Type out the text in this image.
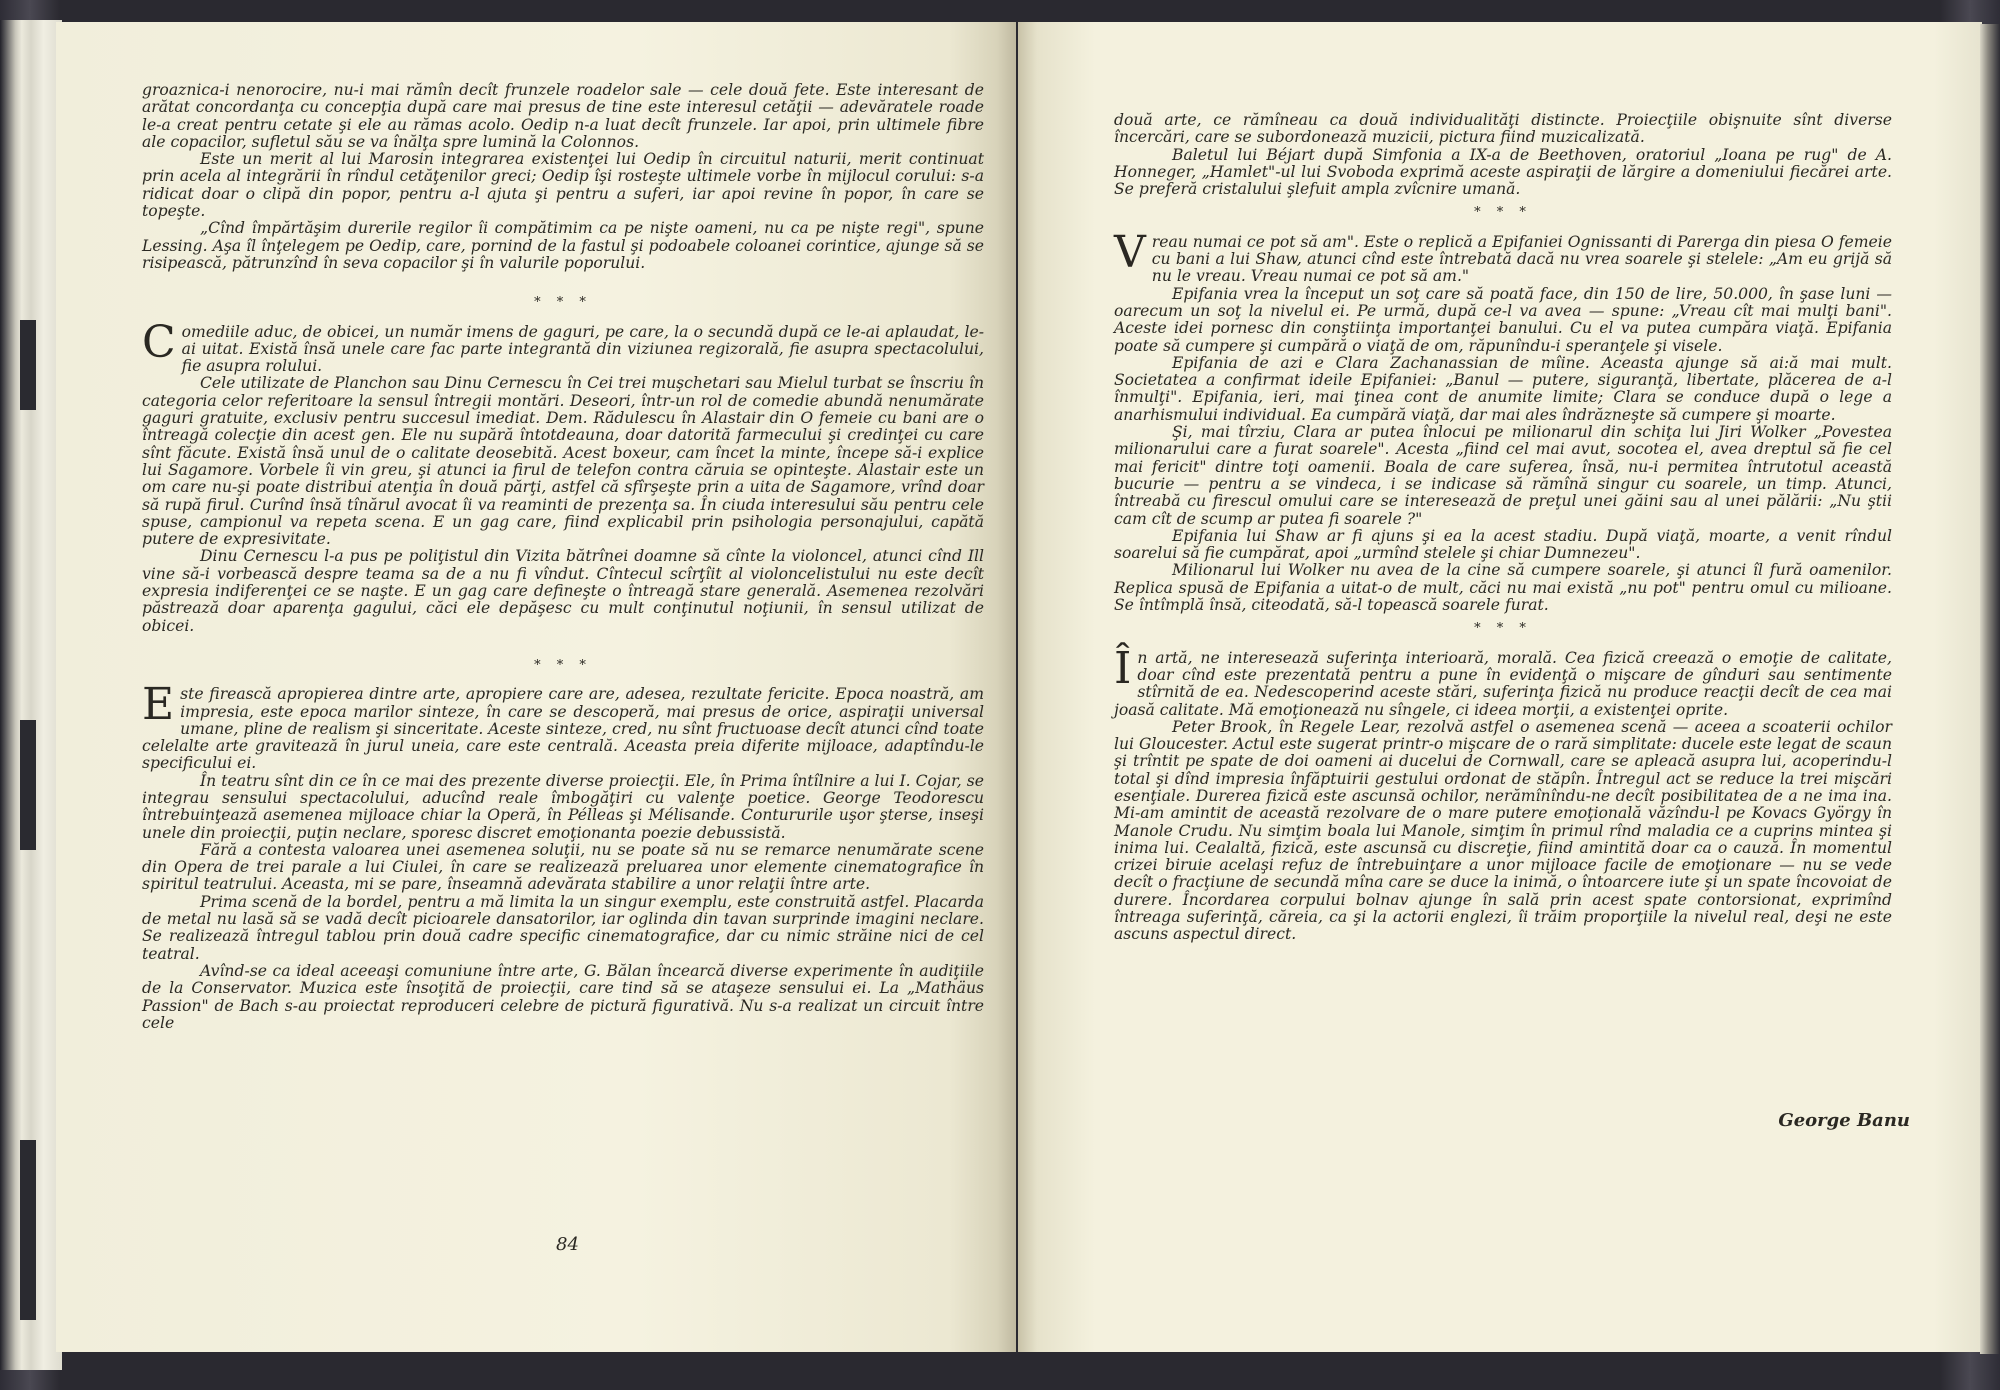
groaznica-i nenorocire, nu-i mai rămîn decît frunzele roadelor sale — cele două fete. Este interesant de arătat concordanţa cu concepţia după care mai presus de tine este interesul cetăţii — adevăratele roade le-a creat pentru cetate şi ele au rămas acolo. Oedip n-a luat decît frunzele. Iar apoi, prin ultimele fibre ale copacilor, sufletul său se va înălţa spre lumină la Colonnos.

Este un merit al lui Marosin integrarea existenţei lui Oedip în circuitul naturii, merit continuat prin acela al integrării în rîndul cetăţenilor greci; Oedip îşi rosteşte ultimele vorbe în mijlocul corului: s-a ridicat doar o clipă din popor, pentru a-l ajuta şi pentru a suferi, iar apoi revine în popor, în care se topeşte.

„Cînd împărtăşim durerile regilor îi compătimim ca pe nişte oameni, nu ca pe nişte regi", spune Lessing. Aşa îl înţelegem pe Oedip, care, pornind de la fastul şi podoabele coloanei corintice, ajunge să se risipească, pătrunzînd în seva copacilor şi în valurile poporului.

* * *

Comediile aduc, de obicei, un număr imens de gaguri, pe care, la o secundă după ce le-ai aplaudat, le-ai uitat. Există însă unele care fac parte integrantă din viziunea regizorală, fie asupra spectacolului, fie asupra rolului.

Cele utilizate de Planchon sau Dinu Cernescu în Cei trei muşchetari sau Mielul turbat se înscriu în categoria celor referitoare la sensul întregii montări. Deseori, într-un rol de comedie abundă nenumărate gaguri gratuite, exclusiv pentru succesul imediat. Dem. Rădulescu în Alastair din O femeie cu bani are o întreagă colecţie din acest gen. Ele nu supără întotdeauna, doar datorită farmecului şi credinţei cu care sînt făcute. Există însă unul de o calitate deosebită. Acest boxeur, cam încet la minte, începe să-i explice lui Sagamore. Vorbele îi vin greu, şi atunci ia firul de telefon contra căruia se opinteşte. Alastair este un om care nu-şi poate distribui atenţia în două părţi, astfel că sfîrşeşte prin a uita de Sagamore, vrînd doar să rupă firul. Curînd însă tînărul avocat îi va reaminti de prezenţa sa. În ciuda interesului său pentru cele spuse, campionul va repeta scena. E un gag care, fiind explicabil prin psihologia personajului, capătă putere de expresivitate.

Dinu Cernescu l-a pus pe poliţistul din Vizita bătrînei doamne să cînte la violoncel, atunci cînd Ill vine să-i vorbească despre teama sa de a nu fi vîndut. Cîntecul scîrţîit al violoncelistului nu este decît expresia indiferenţei ce se naşte. E un gag care defineşte o întreagă stare generală. Asemenea rezolvări păstrează doar aparenţa gagului, căci ele depăşesc cu mult conţinutul noţiunii, în sensul utilizat de obicei.

* * *

Este firească apropierea dintre arte, apropiere care are, adesea, rezultate fericite. Epoca noastră, am impresia, este epoca marilor sinteze, în care se descoperă, mai presus de orice, aspiraţii universal umane, pline de realism şi sinceritate. Aceste sinteze, cred, nu sînt fructuoase decît atunci cînd toate celelalte arte gravitează în jurul uneia, care este centrală. Aceasta preia diferite mijloace, adaptîndu-le specificului ei.

În teatru sînt din ce în ce mai des prezente diverse proiecţii. Ele, în Prima întîlnire a lui I. Cojar, se integrau sensului spectacolului, aducînd reale îmbogăţiri cu valenţe poetice. George Teodorescu întrebuinţează asemenea mijloace chiar la Operă, în Pélleas şi Mélisande. Contururile uşor şterse, inseşi unele din proiecţii, puţin neclare, sporesc discret emoţionanta poezie debussistă.

Fără a contesta valoarea unei asemenea soluţii, nu se poate să nu se remarce nenumărate scene din Opera de trei parale a lui Ciulei, în care se realizează preluarea unor elemente cinematografice în spiritul teatrului. Aceasta, mi se pare, înseamnă adevărata stabilire a unor relaţii între arte.

Prima scenă de la bordel, pentru a mă limita la un singur exemplu, este construită astfel. Placarda de metal nu lasă să se vadă decît picioarele dansatorilor, iar oglinda din tavan surprinde imagini neclare. Se realizează întregul tablou prin două cadre specific cinematografice, dar cu nimic străine nici de cel teatral.

Avînd-se ca ideal aceeaşi comuniune între arte, G. Bălan încearcă diverse experimente în audiţiile de la Conservator. Muzica este însoţită de proiecţii, care tind să se ataşeze sensului ei. La „Mathäus Passion" de Bach s-au proiectat reproduceri celebre de pictură figurativă. Nu s-a realizat un circuit între cele

84

două arte, ce rămîneau ca două individualităţi distincte. Proiecţiile obişnuite sînt diverse încercări, care se subordonează muzicii, pictura fiind muzicalizată.

Baletul lui Béjart după Simfonia a IX-a de Beethoven, oratoriul „Ioana pe rug" de A. Honneger, „Hamlet"-ul lui Svoboda exprimă aceste aspiraţii de lărgire a domeniului fiecărei arte. Se preferă cristalului şlefuit ampla zvîcnire umană.

* * *

Vreau numai ce pot să am". Este o replică a Epifaniei Ognissanti di Parerga din piesa O femeie cu bani a lui Shaw, atunci cînd este întrebată dacă nu vrea soarele şi stelele: „Am eu grijă să nu le vreau. Vreau numai ce pot să am."

Epifania vrea la început un soţ care să poată face, din 150 de lire, 50.000, în şase luni — oarecum un soţ la nivelul ei. Pe urmă, după ce-l va avea — spune: „Vreau cît mai mulţi bani". Aceste idei pornesc din conştiinţa importanţei banului. Cu el va putea cumpăra viaţă. Epifania poate să cumpere şi cumpără o viaţă de om, răpunîndu-i speranţele şi visele.

Epifania de azi e Clara Zachanassian de mîine. Aceasta ajunge să ai:ă mai mult. Societatea a confirmat ideile Epifaniei: „Banul — putere, siguranţă, libertate, plăcerea de a-l înmulţi". Epifania, ieri, mai ţinea cont de anumite limite; Clara se conduce după o lege a anarhismului individual. Ea cumpără viaţă, dar mai ales îndrăzneşte să cumpere şi moarte.

Şi, mai tîrziu, Clara ar putea înlocui pe milionarul din schiţa lui Jiri Wolker „Povestea milionarului care a furat soarele". Acesta „fiind cel mai avut, socotea el, avea dreptul să fie cel mai fericit" dintre toţi oamenii. Boala de care suferea, însă, nu-i permitea întrutotul această bucurie — pentru a se vindeca, i se indicase să rămînă singur cu soarele, un timp. Atunci, întreabă cu firescul omului care se interesează de preţul unei găini sau al unei pălării: „Nu ştii cam cît de scump ar putea fi soarele ?"

Epifania lui Shaw ar fi ajuns şi ea la acest stadiu. După viaţă, moarte, a venit rîndul soarelui să fie cumpărat, apoi „urmînd stelele şi chiar Dumnezeu".

Milionarul lui Wolker nu avea de la cine să cumpere soarele, şi atunci îl fură oamenilor. Replica spusă de Epifania a uitat-o de mult, căci nu mai există „nu pot" pentru omul cu milioane. Se întîmplă însă, citeodată, să-l topească soarele furat.

* * *

În artă, ne interesează suferinţa interioară, morală. Cea fizică creează o emoţie de calitate, doar cînd este prezentată pentru a pune în evidenţă o mişcare de gînduri sau sentimente stîrnită de ea. Nedescoperind aceste stări, suferinţa fizică nu produce reacţii decît de cea mai joasă calitate. Mă emoţionează nu sîngele, ci ideea morţii, a existenţei oprite.

Peter Brook, în Regele Lear, rezolvă astfel o asemenea scenă — aceea a scoaterii ochilor lui Gloucester. Actul este sugerat printr-o mişcare de o rară simplitate: ducele este legat de scaun şi trîntit pe spate de doi oameni ai ducelui de Cornwall, care se apleacă asupra lui, acoperindu-l total şi dînd impresia înfăptuirii gestului ordonat de stăpîn. Întregul act se reduce la trei mişcări esenţiale. Durerea fizică este ascunsă ochilor, nerămînîndu-ne decît posibilitatea de a ne ima ina. Mi-am amintit de această rezolvare de o mare putere emoţională văzîndu-l pe Kovacs György în Manole Crudu. Nu simţim boala lui Manole, simţim în primul rînd maladia ce a cuprins mintea şi inima lui. Cealaltă, fizică, este ascunsă cu discreţie, fiind amintită doar ca o cauză. În momentul crizei biruie acelaşi refuz de întrebuinţare a unor mijloace facile de emoţionare — nu se vede decît o fracţiune de secundă mîna care se duce la inimă, o întoarcere iute şi un spate încovoiat de durere. Încordarea corpului bolnav ajunge în sală prin acest spate contorsionat, exprimînd întreaga suferinţă, căreia, ca şi la actorii englezi, îi trăim proporţiile la nivelul real, deşi ne este ascuns aspectul direct.

George Banu
